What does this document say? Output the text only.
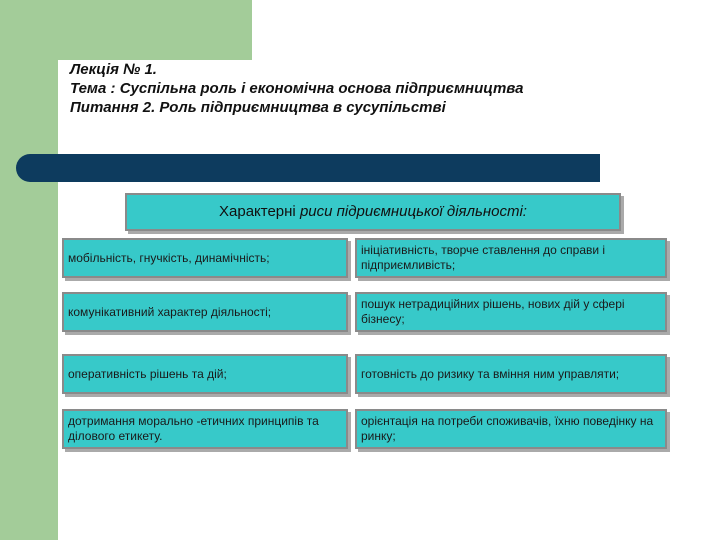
Лекція № 1.
Тема : Суспільна роль і економічна основа підприємництва
Питання 2. Роль підприємництва в сусупільстві
Характерні риси підриємницької діяльності:
мобільність, гнучкість, динамічність;
ініціативність, творче ставлення до справи і підприємливість;
комунікативний характер діяльності;
пошук нетрадиційних рішень, нових дій у сфері бізнесу;
оперативність рішень та дій;	готовність до ризику та вміння ним управляти;
дотримання морально -етичних принципів та ділового етикету.
орієнтація на потреби споживачів, їхню поведінку на ринку;
